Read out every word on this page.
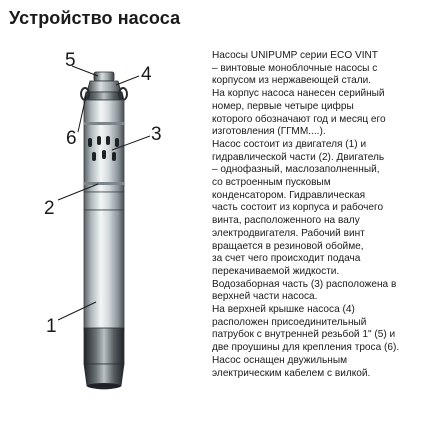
Устройство насоса
5
4
6	3
2
1
Насосы UNIPUMP серии ECO VINT
– винтовые моноблочные насосы с
корпусом из нержавеющей стали.
На корпус насоса нанесен серийный
номер, первые четыре цифры
которого обозначают год и месяц его
изготовления (ГГММ....).
Насос состоит из двигателя (1) и
гидравлической части (2). Двигатель
– однофазный, маслозаполненный,
со встроенным пусковым
конденсатором. Гидравлическая
часть состоит из корпуса и рабочего
винта, расположенного на валу
электродвигателя. Рабочий винт
вращается в резиновой обойме,
за счет чего происходит подача
перекачиваемой жидкости.
Водозаборная часть (3) расположена в
верхней части насоса.
На верхней крышке насоса (4)
расположен присоединительный
патрубок с внутренней резьбой 1" (5) и
две проушины для крепления троса (6).
Насос оснащен двужильным
электрическим кабелем с вилкой.
